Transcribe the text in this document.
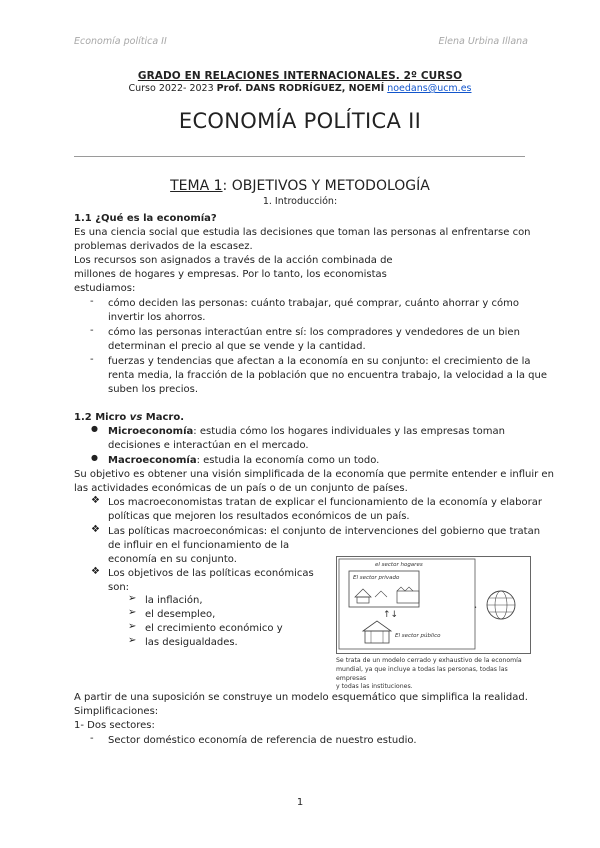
Economía política II	Elena Urbina Illana
GRADO EN RELACIONES INTERNACIONALES. 2º CURSO
Curso 2022- 2023 Prof. DANS RODRÍGUEZ, NOEMÍ noedans@ucm.es
ECONOMÍA POLÍTICA II
TEMA 1: OBJETIVOS Y METODOLOGÍA
1. Introducción:
1.1 ¿Qué es la economía?
Es una ciencia social que estudia las decisiones que toman las personas al enfrentarse con
problemas derivados de la escasez.
Los recursos son asignados a través de la acción combinada de
millones de hogares y empresas. Por lo tanto, los economistas
estudiamos:
- cómo deciden las personas: cuánto trabajar, qué comprar, cuánto ahorrar y cómo
invertir los ahorros.
- cómo las personas interactúan entre sí: los compradores y vendedores de un bien
determinan el precio al que se vende y la cantidad.
- fuerzas y tendencias que afectan a la economía en su conjunto: el crecimiento de la
renta media, la fracción de la población que no encuentra trabajo, la velocidad a la que
suben los precios.
1.2 Micro vs Macro.
● Microeconomía: estudia cómo los hogares individuales y las empresas toman
decisiones e interactúan en el mercado.
● Macroeconomía: estudia la economía como un todo.
Su objetivo es obtener una visión simplificada de la economía que permite entender e influir en
las actividades económicas de un país o de un conjunto de países.
❖ Los macroeconomistas tratan de explicar el funcionamiento de la economía y elaborar
políticas que mejoren los resultados económicos de un país.
❖ Las políticas macroeconómicas: el conjunto de intervenciones del gobierno que tratan
de influir en el funcionamiento de la
economía en su conjunto.
❖ Los objetivos de las políticas económicas
son:
➢ la inflación,
➢ el desempleo,
➢ el crecimiento económico y
➢ las desigualdades.
el sector hogares
El sector privado
↑↓
El sector público
•
Se trata de un modelo cerrado y exhaustivo de la economía
mundial, ya que incluye a todas las personas, todas las empresas
y todas las instituciones.
A partir de una suposición se construye un modelo esquemático que simplifica la realidad.
Simplificaciones:
1- Dos sectores:
- Sector doméstico economía de referencia de nuestro estudio.
1
